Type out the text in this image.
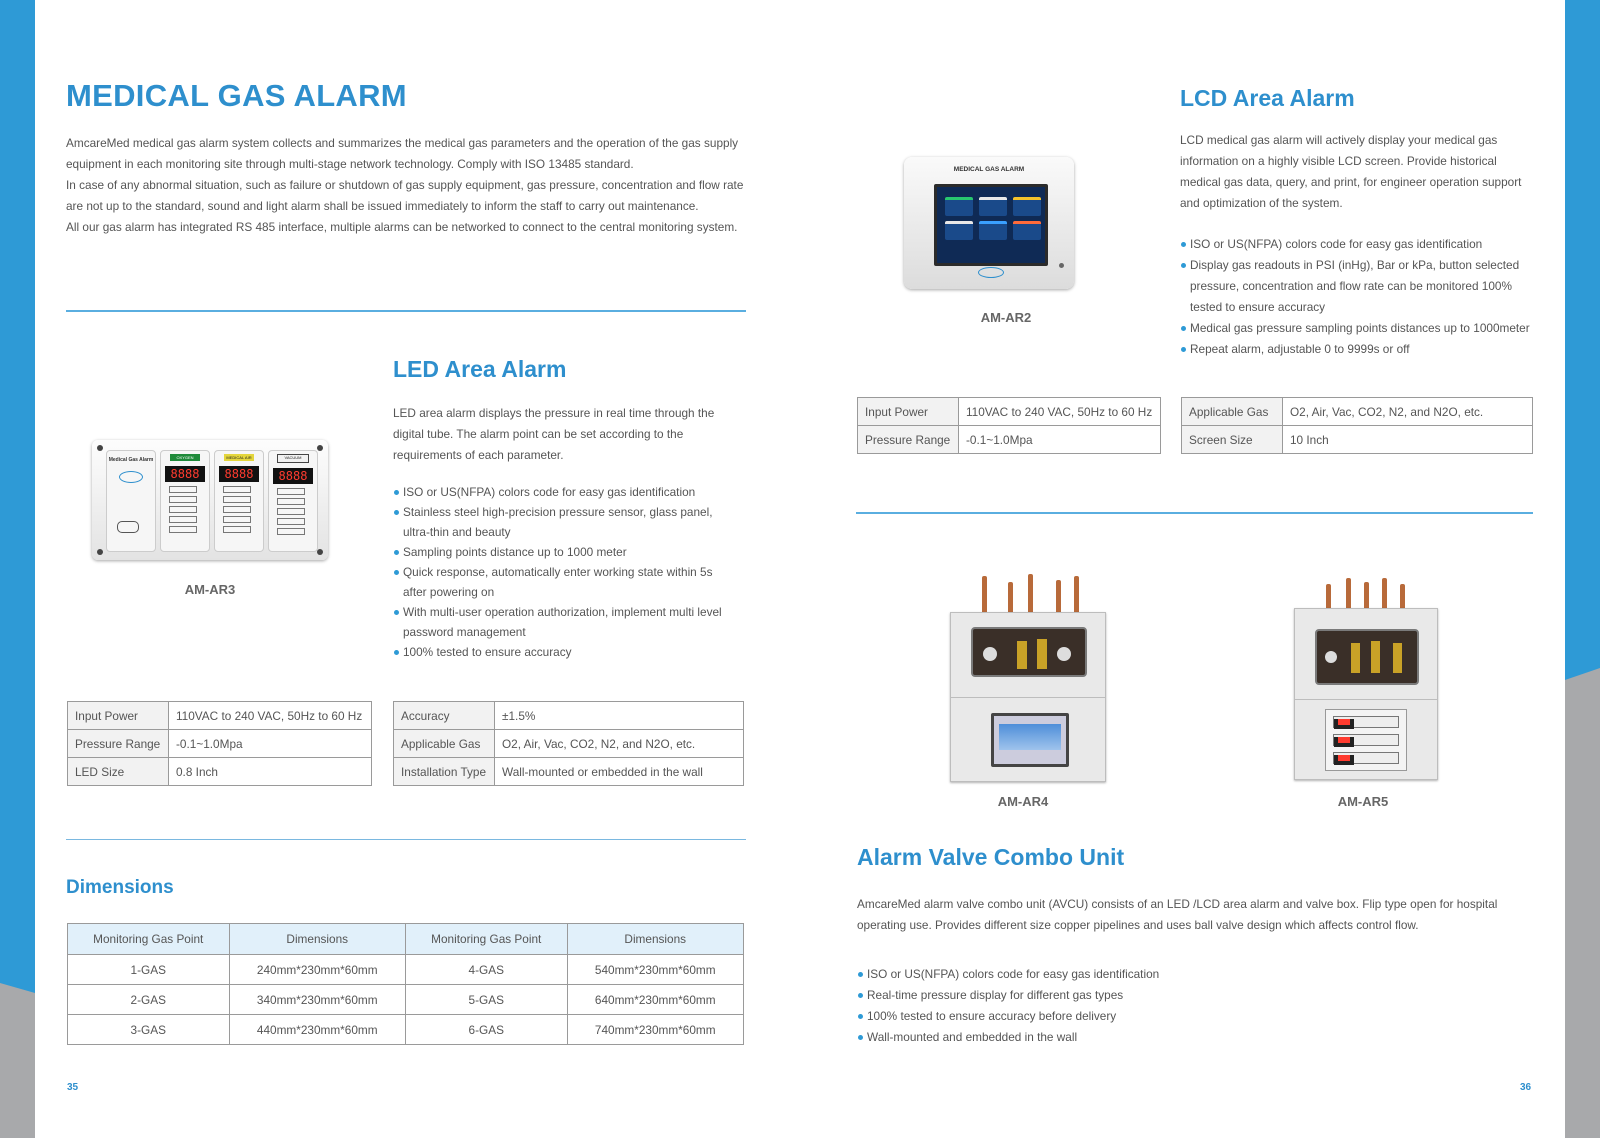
MEDICAL GAS ALARM

AmcareMed medical gas alarm system collects and summarizes the medical gas parameters and the operation of the gas supply equipment in each monitoring site through multi-stage network technology. Comply with ISO 13485 standard.

In case of any abnormal situation, such as failure or shutdown of gas supply equipment, gas pressure, concentration and flow rate are not up to the standard, sound and light alarm shall be issued immediately to inform the staff to carry out maintenance.

All our gas alarm has integrated RS 485 interface, multiple alarms can be networked to connect to the central monitoring system.

Medical Gas Alarm	OXYGEN
8888
MEDICAL AIR
8888
VACUUM
8888
AM-AR3
LED Area Alarm

LED area alarm displays the pressure in real time through the digital tube. The alarm point can be set according to the requirements of each parameter.

ISO or US(NFPA) colors code for easy gas identification
Stainless steel high-precision pressure sensor, glass panel, ultra-thin and beauty
Sampling points distance up to 1000 meter
Quick response, automatically enter working state within 5s after powering on
With multi-user operation authorization, implement multi level password management
100% tested to ensure accuracy
Input Power	110VAC to 240 VAC, 50Hz to 60 Hz
Pressure Range	-0.1~1.0Mpa
LED Size	0.8 Inch
Accuracy	±1.5%
Applicable Gas	O2, Air, Vac, CO2, N2, and N2O, etc.
Installation Type	Wall-mounted or embedded in the wall
Dimensions
Monitoring Gas Point	Dimensions	Monitoring Gas Point	Dimensions
1-GAS	240mm*230mm*60mm	4-GAS	540mm*230mm*60mm
2-GAS	340mm*230mm*60mm	5-GAS	640mm*230mm*60mm
3-GAS	440mm*230mm*60mm	6-GAS	740mm*230mm*60mm
35
MEDICAL GAS ALARM
AM-AR2
LCD Area Alarm

LCD medical gas alarm will actively display your medical gas information on a highly visible LCD screen. Provide historical medical gas data, query, and print, for engineer operation support and optimization of the system.

ISO or US(NFPA) colors code for easy gas identification
Display gas readouts in PSI (inHg), Bar or kPa, button selected pressure, concentration and flow rate can be monitored 100% tested to ensure accuracy
Medical gas pressure sampling points distances up to 1000meter
Repeat alarm, adjustable 0 to 9999s or off
Input Power	110VAC to 240 VAC, 50Hz to 60 Hz
Pressure Range	-0.1~1.0Mpa
Applicable Gas	O2, Air, Vac, CO2, N2, and N2O, etc.
Screen Size	10 Inch
AM-AR4	AM-AR5
Alarm Valve Combo Unit

AmcareMed alarm valve combo unit (AVCU) consists of an LED /LCD area alarm and valve box. Flip type open for hospital operating use. Provides different size copper pipelines and uses ball valve design which affects control flow.

ISO or US(NFPA) colors code for easy gas identification
Real-time pressure display for different gas types
100% tested to ensure accuracy before delivery
Wall-mounted and embedded in the wall
36
